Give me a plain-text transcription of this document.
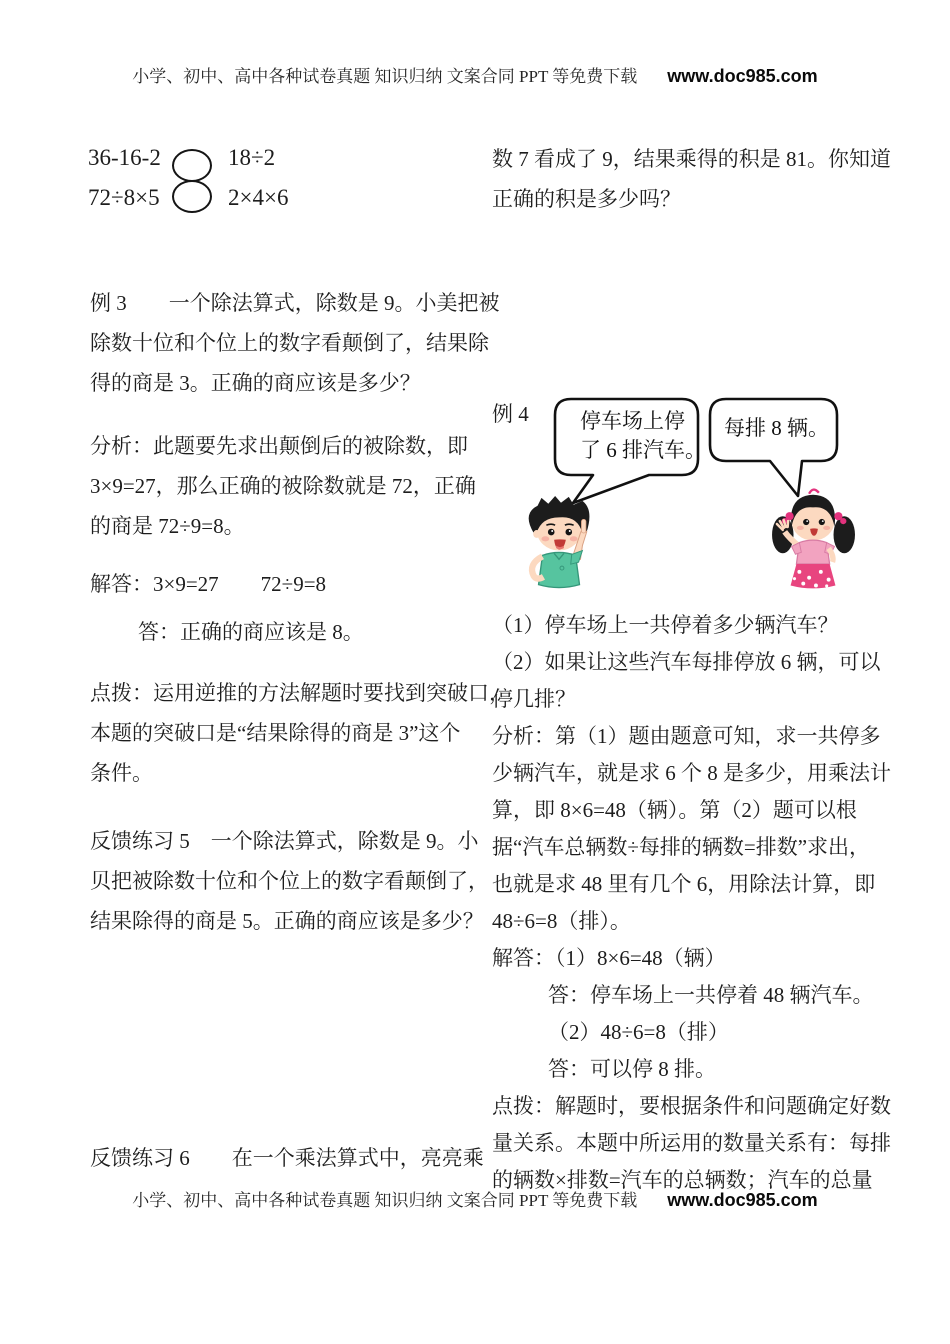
小学、初中、高中各种试卷真题 知识归纳 文案合同 PPT 等免费下载 www.doc985.com
36-16-2	18÷2
72÷8×5	2×4×6
例 3　　一个除法算式，除数是 9。小美把被
除数十位和个位上的数字看颠倒了，结果除
得的商是 3。正确的商应该是多少？
分析：此题要先求出颠倒后的被除数，即
3×9=27，那么正确的被除数就是 72，正确
的商是 72÷9=8。
解答：3×9=27　　72÷9=8
答：正确的商应该是 8。
点拨：运用逆推的方法解题时要找到突破口，
本题的突破口是“结果除得的商是 3”这个
条件。
反馈练习 5　一个除法算式，除数是 9。小
贝把被除数十位和个位上的数字看颠倒了，
结果除得的商是 5。正确的商应该是多少？
反馈练习 6　　在一个乘法算式中，亮亮乘
数 7 看成了 9，结果乘得的积是 81。你知道
正确的积是多少吗？
例 4 停车场上停
了 6 排汽车。
每排 8 辆。
（1）停车场上一共停着多少辆汽车？
（2）如果让这些汽车每排停放 6 辆，可以
停几排？
分析：第（1）题由题意可知，求一共停多
少辆汽车，就是求 6 个 8 是多少，用乘法计
算，即 8×6=48（辆）。第（2）题可以根
据“汽车总辆数÷每排的辆数=排数”求出，
也就是求 48 里有几个 6，用除法计算，即
48÷6=8（排）。
解答：（1）8×6=48（辆）
答：停车场上一共停着 48 辆汽车。
（2）48÷6=8（排）
答：可以停 8 排。
点拨：解题时，要根据条件和问题确定好数
量关系。本题中所运用的数量关系有：每排
的辆数×排数=汽车的总辆数；汽车的总量
小学、初中、高中各种试卷真题 知识归纳 文案合同 PPT 等免费下载 www.doc985.com
